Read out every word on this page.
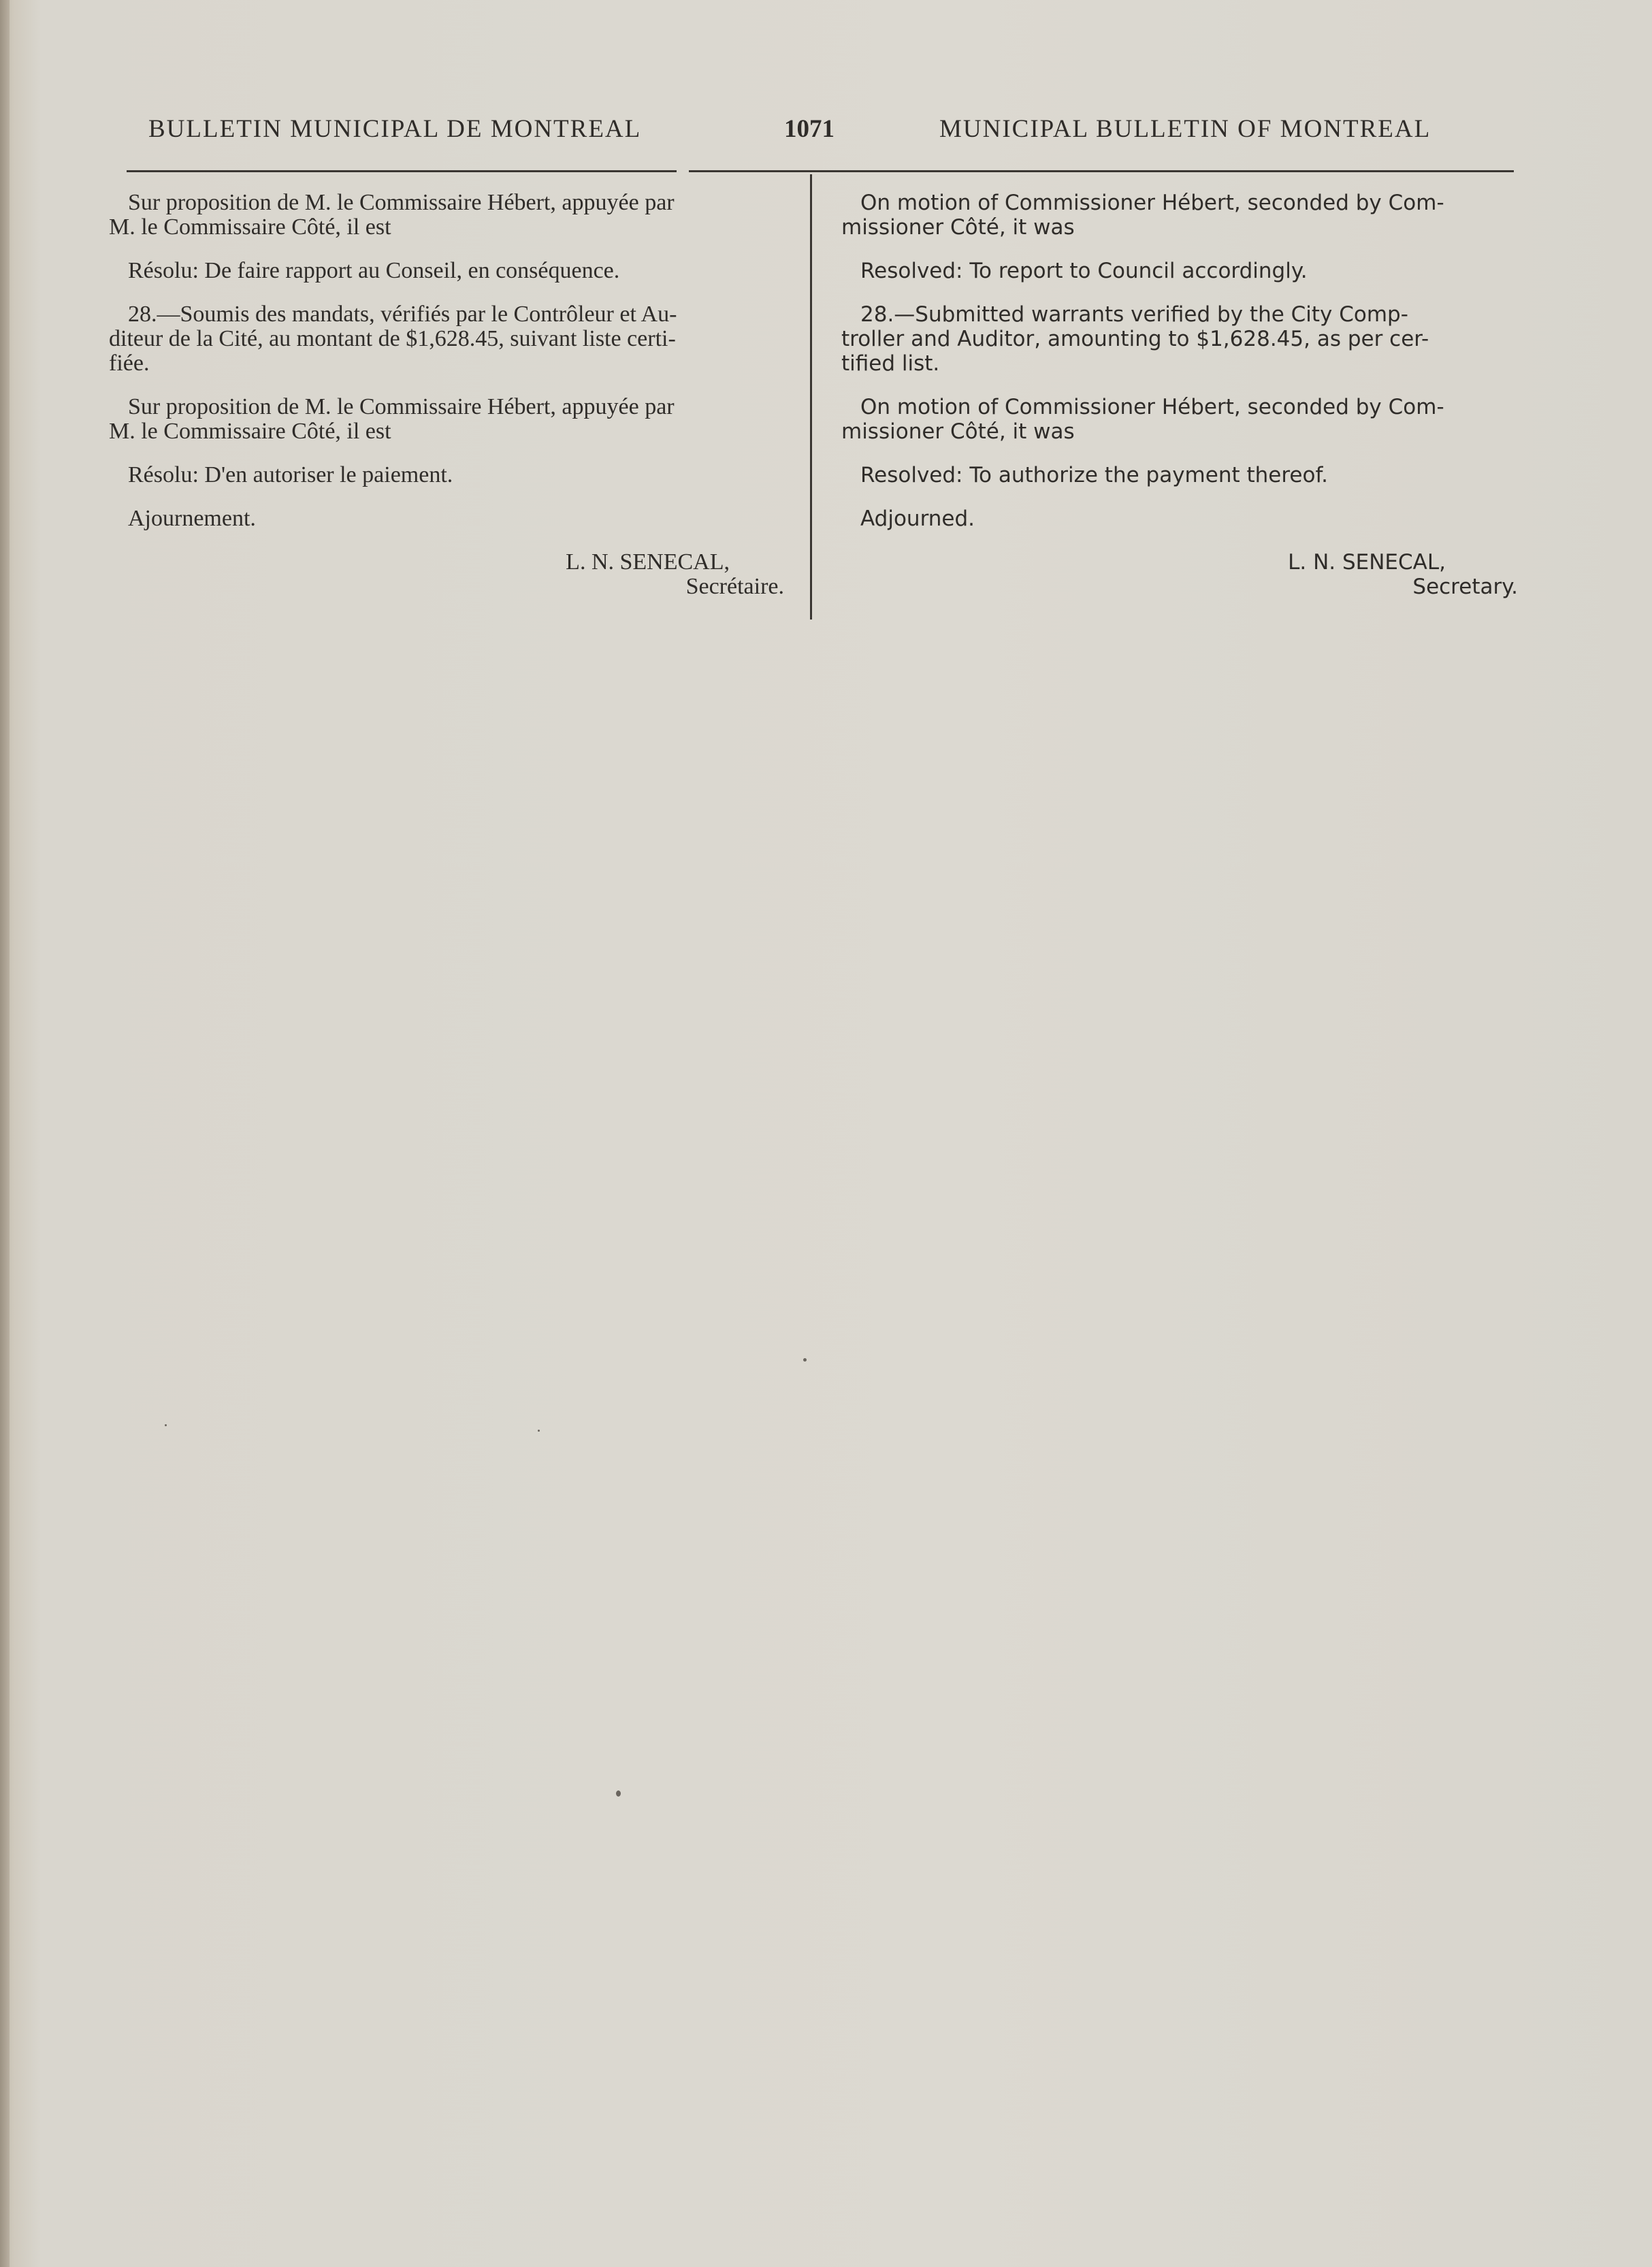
BULLETIN MUNICIPAL DE MONTREAL	1071	MUNICIPAL BULLETIN OF MONTREAL

Sur proposition de M. le Commissaire Hébert, appuyée par
M. le Commissaire Côté, il est

Résolu: De faire rapport au Conseil, en conséquence.

28.—Soumis des mandats, vérifiés par le Contrôleur et Au-
diteur de la Cité, au montant de $1,628.45, suivant liste certi-
fiée.

Sur proposition de M. le Commissaire Hébert, appuyée par
M. le Commissaire Côté, il est

Résolu: D'en autoriser le paiement.

Ajournement.

L. N. SENECAL,

Secrétaire.

On motion of Commissioner Hébert, seconded by Com-
missioner Côté, it was

Resolved: To report to Council accordingly.

28.—Submitted warrants verified by the City Comp-
troller and Auditor, amounting to $1,628.45, as per cer-
tified list.

On motion of Commissioner Hébert, seconded by Com-
missioner Côté, it was

Resolved: To authorize the payment thereof.

Adjourned.

L. N. SENECAL,

Secretary.
